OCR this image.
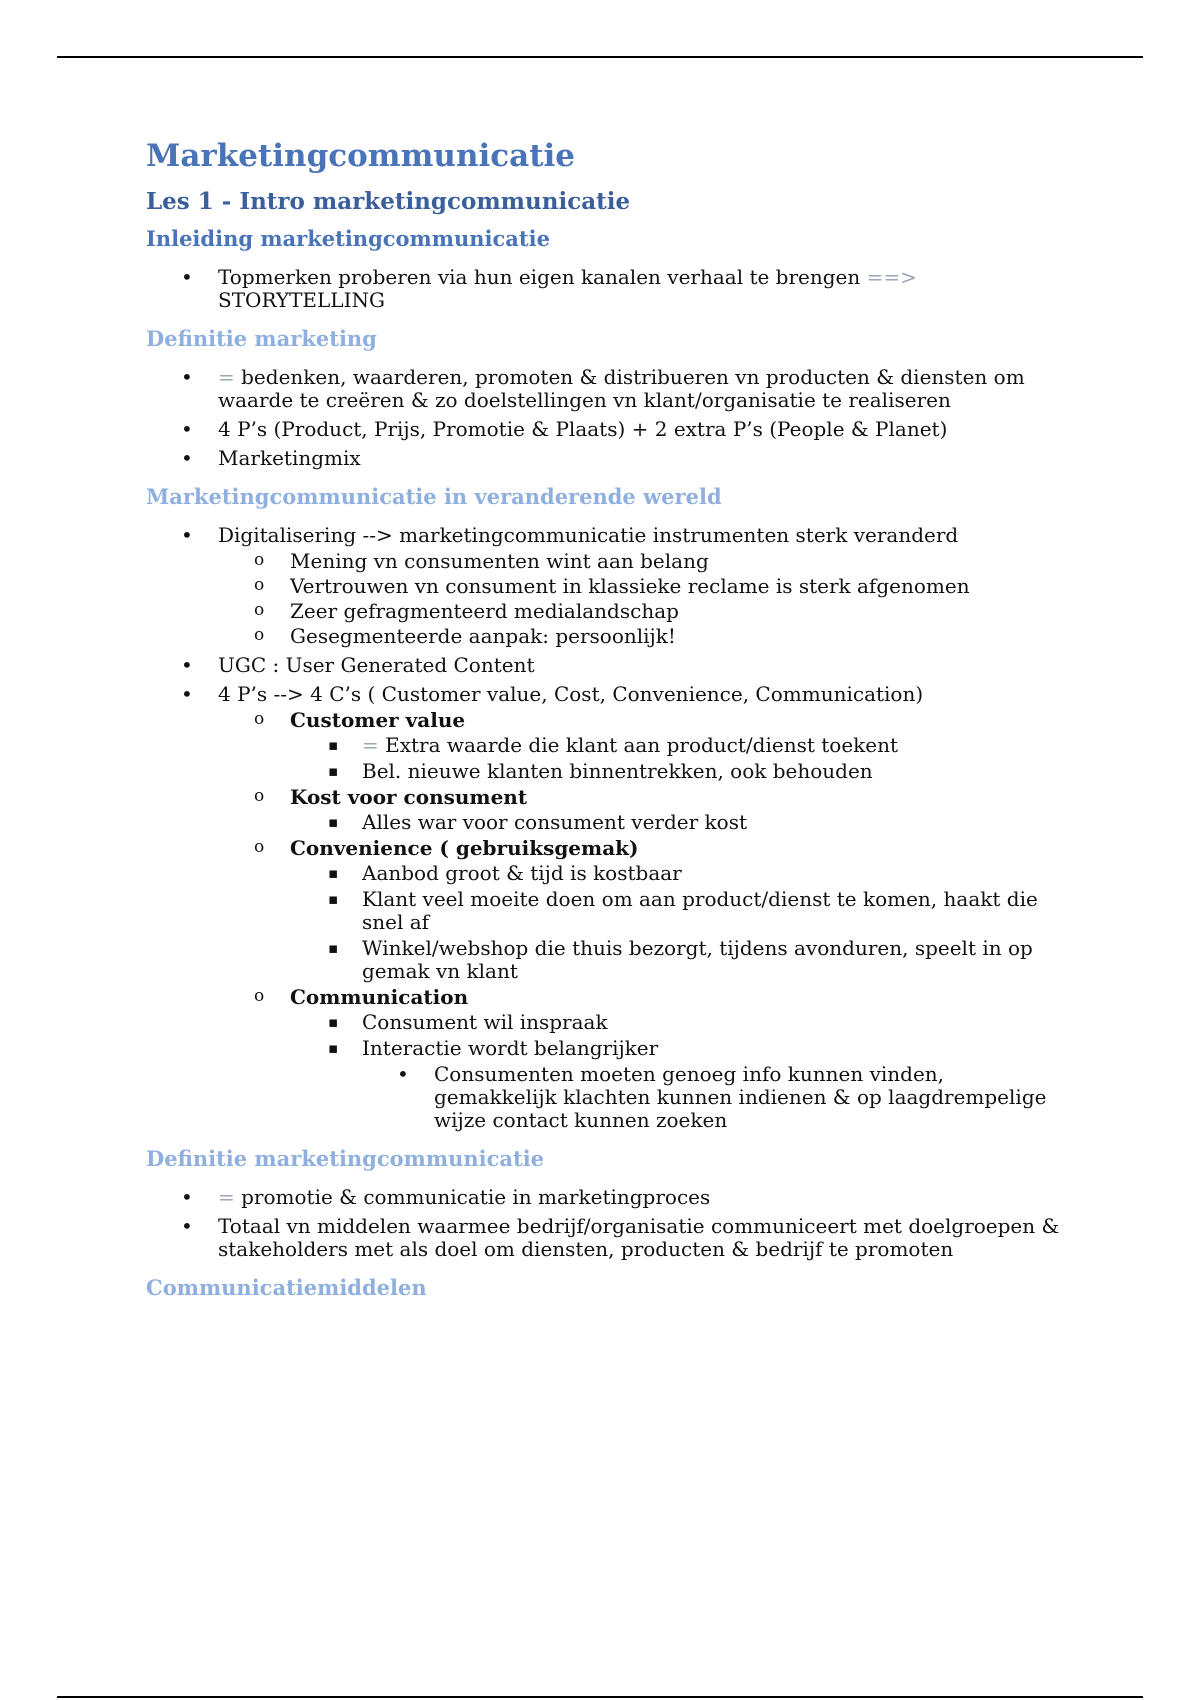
Marketingcommunicatie
Les 1 - Intro marketingcommunicatie
Inleiding marketingcommunicatie
• Topmerken proberen via hun eigen kanalen verhaal te brengen ==> STORYTELLING
Definitie marketing
• = bedenken, waarderen, promoten & distribueren vn producten & diensten om waarde te creëren & zo doelstellingen vn klant/organisatie te realiseren
• 4 P’s (Product, Prijs, Promotie & Plaats) + 2 extra P’s (People & Planet)
• Marketingmix
Marketingcommunicatie in veranderende wereld
• Digitalisering --> marketingcommunicatie instrumenten sterk veranderd
o Mening vn consumenten wint aan belang
o Vertrouwen vn consument in klassieke reclame is sterk afgenomen
o Zeer gefragmenteerd medialandschap
o Gesegmenteerde aanpak: persoonlijk!
• UGC : User Generated Content
• 4 P’s --> 4 C’s ( Customer value, Cost, Convenience, Communication)
o Customer value
▪ = Extra waarde die klant aan product/dienst toekent
▪ Bel. nieuwe klanten binnentrekken, ook behouden
o Kost voor consument
▪ Alles war voor consument verder kost
o Convenience ( gebruiksgemak)
▪ Aanbod groot & tijd is kostbaar
▪ Klant veel moeite doen om aan product/dienst te komen, haakt die snel af
▪ Winkel/webshop die thuis bezorgt, tijdens avonduren, speelt in op gemak vn klant
o Communication
▪ Consument wil inspraak
▪ Interactie wordt belangrijker
• Consumenten moeten genoeg info kunnen vinden, gemakkelijk klachten kunnen indienen & op laagdrempelige wijze contact kunnen zoeken
Definitie marketingcommunicatie
• = promotie & communicatie in marketingproces
• Totaal vn middelen waarmee bedrijf/organisatie communiceert met doelgroepen & stakeholders met als doel om diensten, producten & bedrijf te promoten
Communicatiemiddelen
